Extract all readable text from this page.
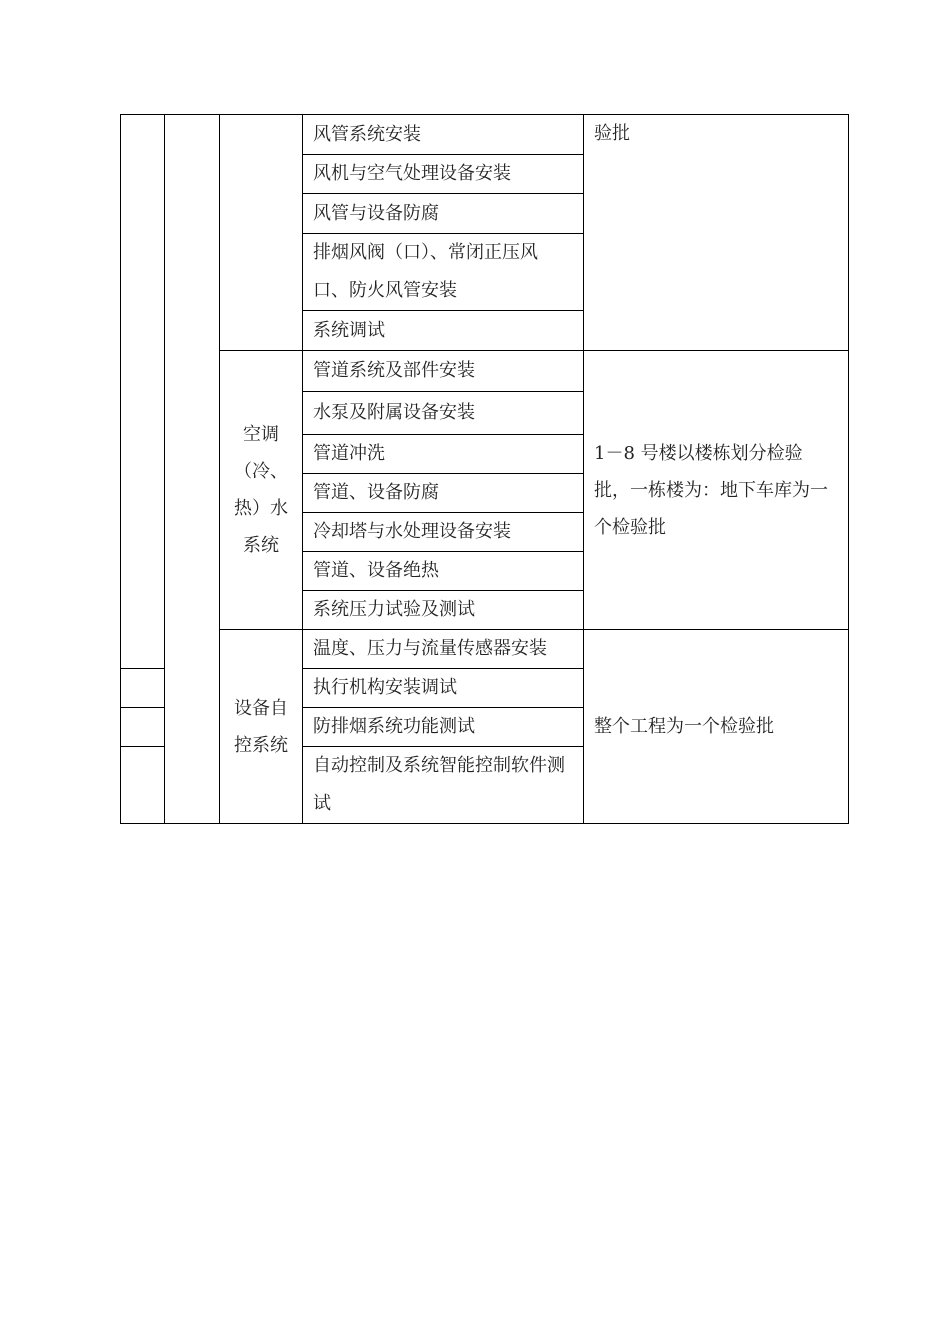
			风管系统安装	验批
			风机与空气处理设备安装	
			风管与设备防腐	
			排烟风阀（口）、常闭正压风口、防火风管安装	

			系统调试	
		空调（冷、热）水系统	管道系统及部件安装	1－8 号楼以楼栋划分检验批，一栋楼为：地下车库为一个检验批
			水泵及附属设备安装	
			管道冲洗	
			管道、设备防腐	
			冷却塔与水处理设备安装	
			管道、设备绝热	
			系统压力试验及测试	
		设备自控系统	温度、压力与流量传感器安装	整个工程为一个检验批
			执行机构安装调试	
			防排烟系统功能测试	
			自动控制及系统智能控制软件测试	
